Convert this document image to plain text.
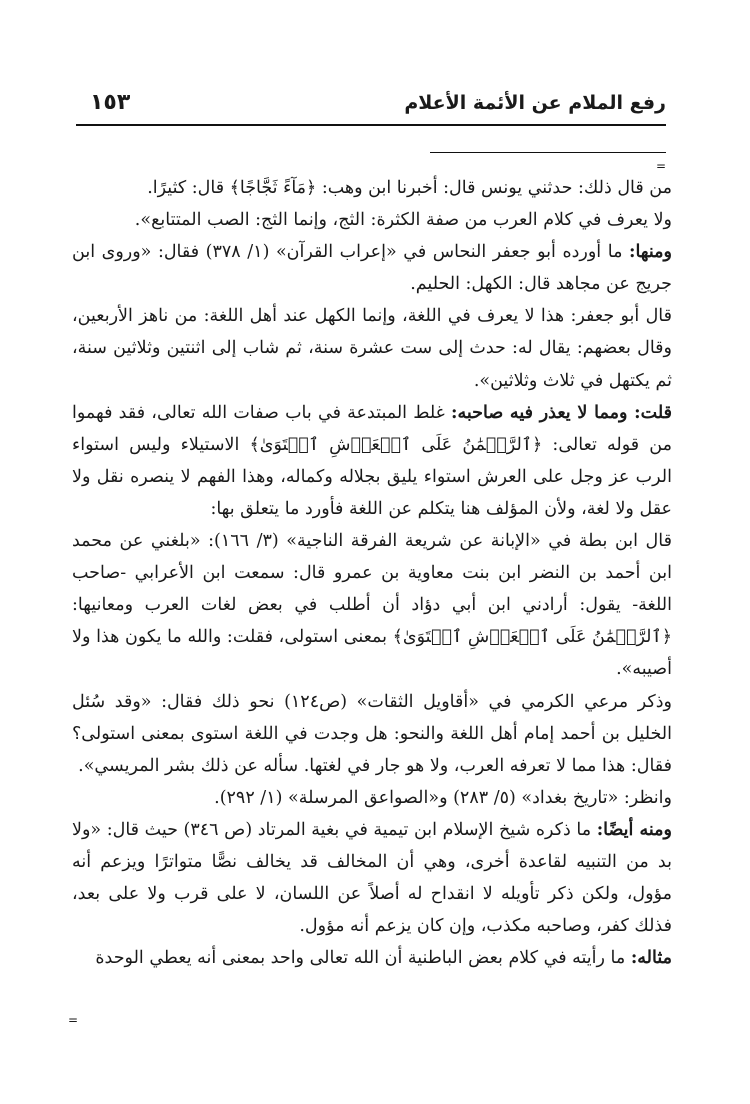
رفع الملام عن الأئمة الأعلام
١٥٣
=

من قال ذلك: حدثني يونس قال: أخبرنا ابن وهب: ﴿مَآءً ثَجَّاجًا﴾ قال: كثيرًا.

ولا يعرف في كلام العرب من صفة الكثرة: الثج، وإنما الثج: الصب المتتابع».

ومنها: ما أورده أبو جعفر النحاس في «إعراب القرآن» (١/ ٣٧٨) فقال: «وروى ابن جريج عن مجاهد قال: الكهل: الحليم.

قال أبو جعفر: هذا لا يعرف في اللغة، وإنما الكهل عند أهل اللغة: من ناهز الأربعين، وقال بعضهم: يقال له: حدث إلى ست عشرة سنة، ثم شاب إلى اثنتين وثلاثين سنة، ثم يكتهل في ثلاث وثلاثين».

قلت: ومما لا يعذر فيه صاحبه: غلط المبتدعة في باب صفات الله تعالى، فقد فهموا من قوله تعالى: ﴿ٱلرَّحۡمَٰنُ عَلَى ٱلۡعَرۡشِ ٱسۡتَوَىٰ﴾ الاستيلاء وليس استواء الرب عز وجل على العرش استواء يليق بجلاله وكماله، وهذا الفهم لا ينصره نقل ولا عقل ولا لغة، ولأن المؤلف هنا يتكلم عن اللغة فأورد ما يتعلق بها:

قال ابن بطة في «الإبانة عن شريعة الفرقة الناجية» (٣/ ١٦٦): «بلغني عن محمد ابن أحمد بن النضر ابن بنت معاوية بن عمرو قال: سمعت ابن الأعرابي -صاحب اللغة- يقول: أرادني ابن أبي دؤاد أن أطلب في بعض لغات العرب ومعانيها: ﴿ٱلرَّحۡمَٰنُ عَلَى ٱلۡعَرۡشِ ٱسۡتَوَىٰ﴾ بمعنى استولى، فقلت: والله ما يكون هذا ولا أصيبه».

وذكر مرعي الكرمي في «أقاويل الثقات» (ص١٢٤) نحو ذلك فقال: «وقد سُئل الخليل بن أحمد إمام أهل اللغة والنحو: هل وجدت في اللغة استوى بمعنى استولى؟ فقال: هذا مما لا تعرفه العرب، ولا هو جار في لغتها. سأله عن ذلك بشر المريسي».

وانظر: «تاريخ بغداد» (٥/ ٢٨٣) و«الصواعق المرسلة» (١/ ٢٩٢).

ومنه أيضًا: ما ذكره شيخ الإسلام ابن تيمية في بغية المرتاد (ص ٣٤٦) حيث قال: «ولا بد من التنبيه لقاعدة أخرى، وهي أن المخالف قد يخالف نصًّا متواترًا ويزعم أنه مؤول، ولكن ذكر تأويله لا انقداح له أصلاً عن اللسان، لا على قرب ولا على بعد، فذلك كفر، وصاحبه مكذب، وإن كان يزعم أنه مؤول.

مثاله: ما رأيته في كلام بعض الباطنية أن الله تعالى واحد بمعنى أنه يعطي الوحدة

=
